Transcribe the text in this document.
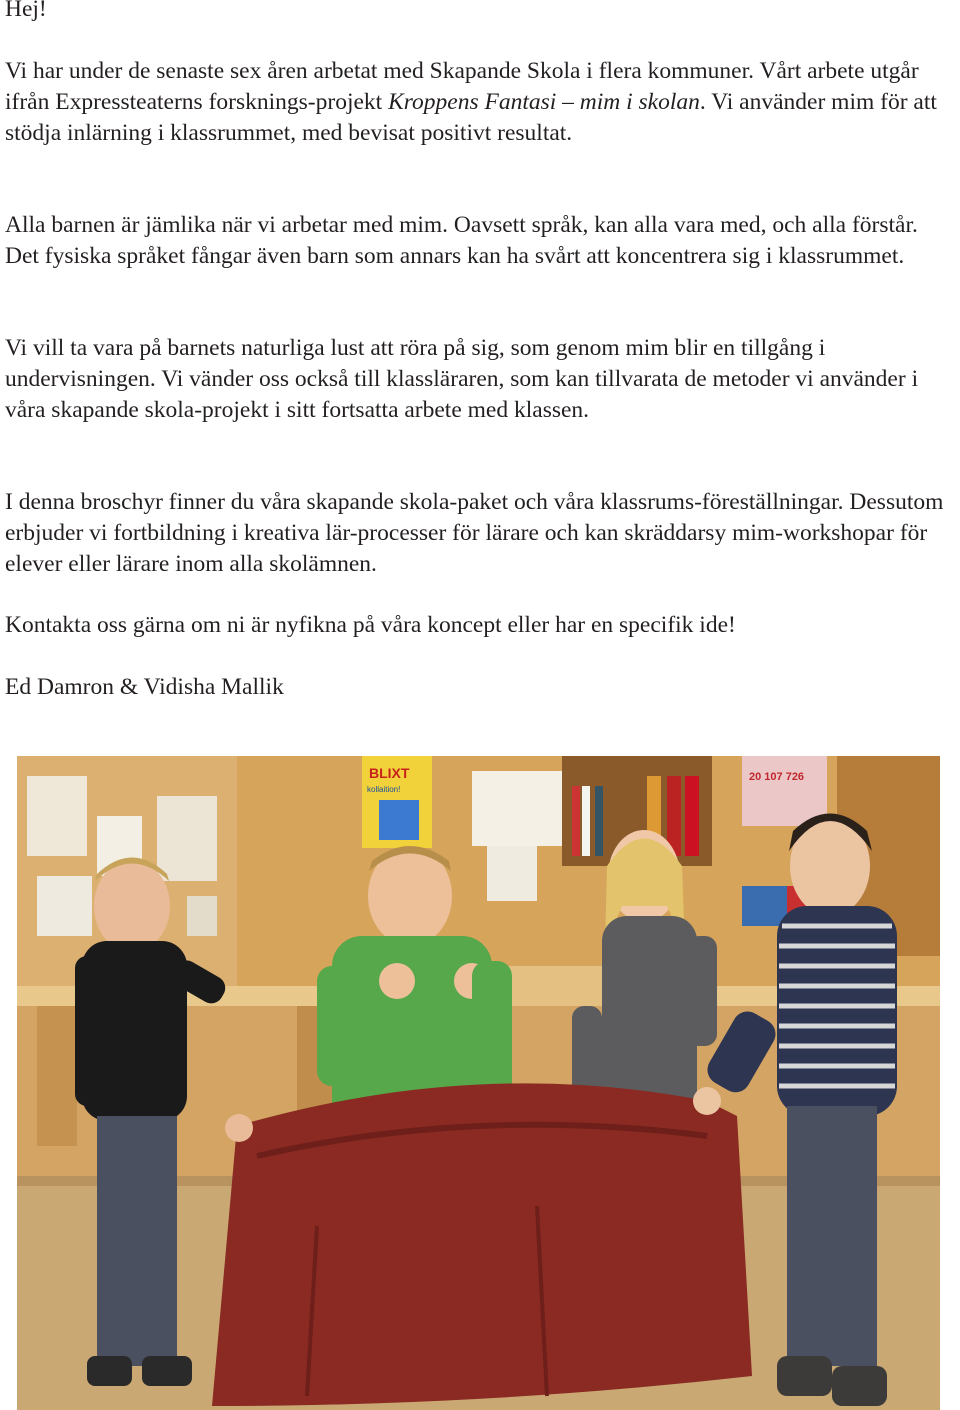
Hej!

Vi har under de senaste sex åren arbetat med Skapande Skola i flera kommuner. Vårt arbete utgår ifrån Expressteaterns forsknings-projekt Kroppens Fantasi – mim i skolan. Vi använder mim för att stödja inlärning i klassrummet, med bevisat positivt resultat.

Alla barnen är jämlika när vi arbetar med mim. Oavsett språk, kan alla vara med, och alla förstår. Det fysiska språket fångar även barn som annars kan ha svårt att koncentrera sig i klassrummet.

Vi vill ta vara på barnets naturliga lust att röra på sig, som genom mim blir en tillgång i undervisningen. Vi vänder oss också till klassläraren, som kan tillvarata de metoder vi använder i våra skapande skola-projekt i sitt fortsatta arbete med klassen.

I denna broschyr finner du våra skapande skola-paket och våra klassrums-föreställningar. Dessutom erbjuder vi fortbildning i kreativa lär-processer för lärare och kan skräddarsy mim-workshopar för elever eller lärare inom alla skolämnen.

Kontakta oss gärna om ni är nyfikna på våra koncept eller har en specifik ide!

Ed Damron & Vidisha Mallik

BLIXT
kollaition!
20 107 726
